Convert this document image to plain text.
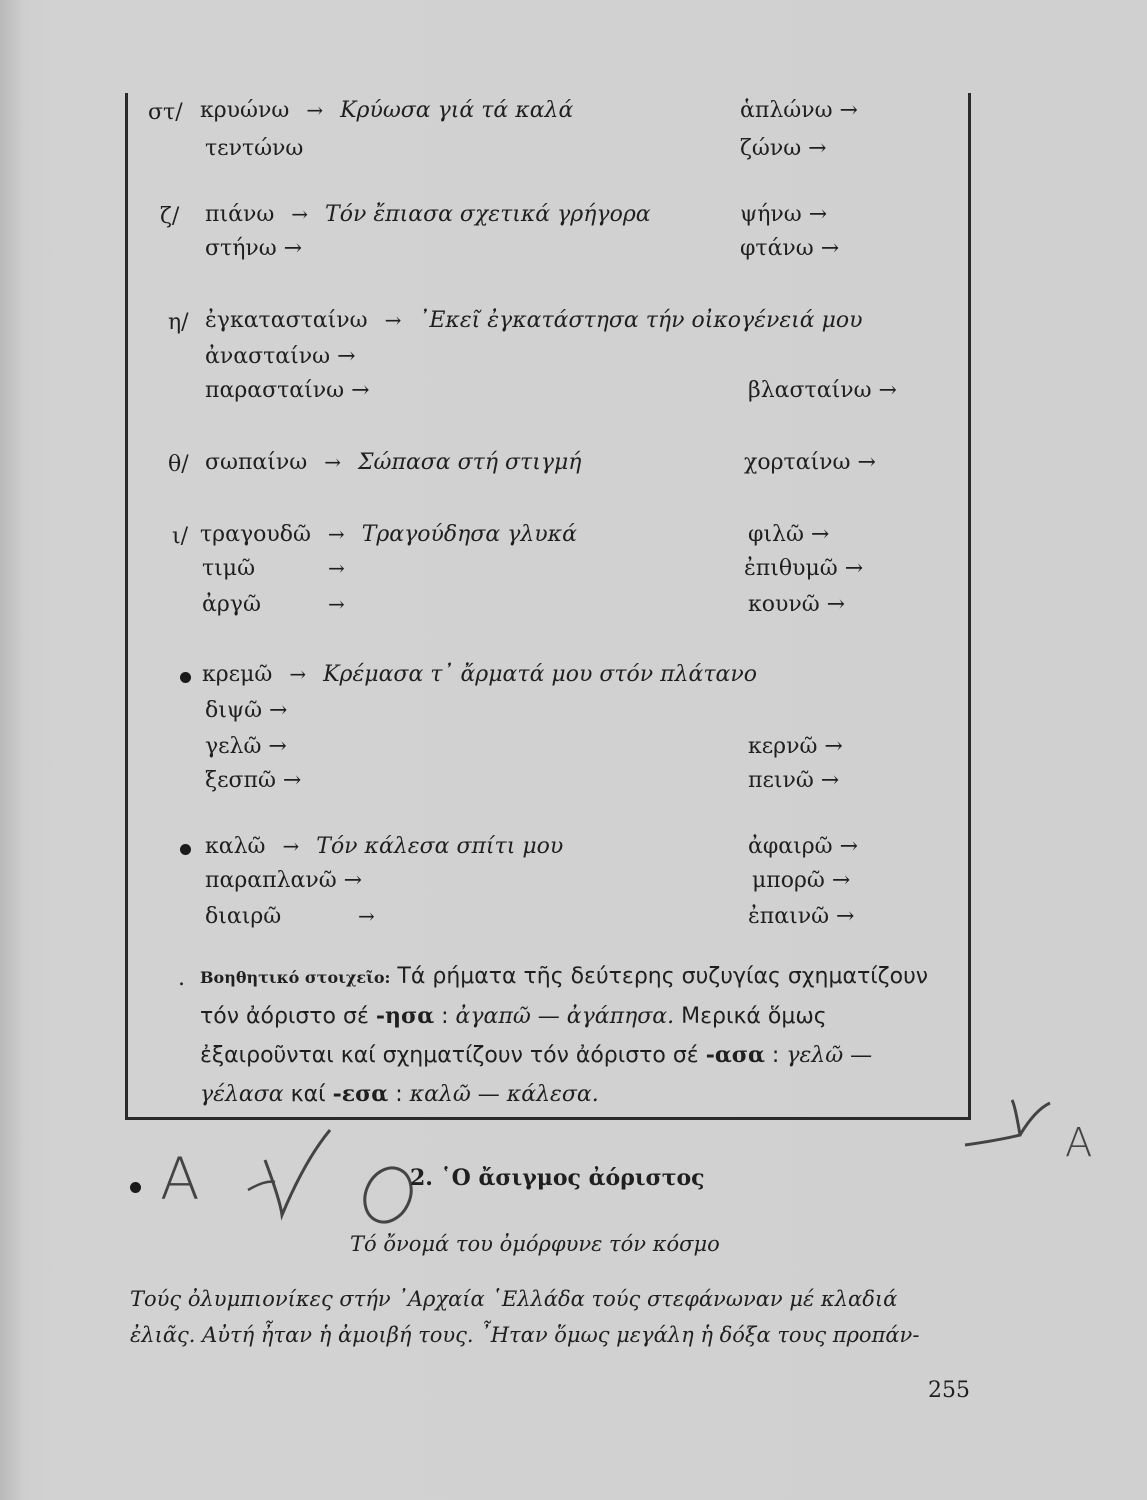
στ/ κρυώνω → Κρύωσα γιά τά καλά	ἁπλώνω →
τεντώνω	ζώνω →
ζ/ πιάνω → Τόν ἔπιασα σχετικά γρήγορα	ψήνω →
στήνω →	φτάνω →
η/ ἐγκατασταίνω → ᾿Εκεῖ ἐγκατάστησα τήν οἰκογένειά μου
ἀνασταίνω →
παρασταίνω →	βλασταίνω →
θ/ σωπαίνω → Σώπασα στή στιγμή	χορταίνω →
ι/ τραγουδῶ → Τραγούδησα γλυκά	φιλῶ →
τιμῶ	→	ἐπιθυμῶ →
ἀργῶ	→	κουνῶ →
κρεμῶ → Κρέμασα τ᾿ ἄρματά μου στόν πλάτανο
διψῶ →
γελῶ →	κερνῶ →
ξεσπῶ →	πεινῶ →
καλῶ → Τόν κάλεσα σπίτι μου	ἀφαιρῶ →
παραπλανῶ →	μπορῶ →
διαιρῶ	→	ἐπαινῶ →
. Βοηθητικό στοιχεῖο: Τά ρήματα τῆς δεύτερης συζυγίας σχηματίζουν τόν ἀόριστο σέ -ησα : ἀγαπῶ — ἀγάπησα. Μερικά ὅμως ἐξαιροῦνται καί σχηματίζουν τόν ἀόριστο σέ -ασα : γελῶ — γέλασα καί -εσα : καλῶ — κάλεσα.
A
A
2. ῾Ο ἄσιγμος ἀόριστος
Τό ὄνομά του ὀμόρφυνε τόν κόσμο
Τούς ὀλυμπιονίκες στήν ᾿Αρχαία ῾Ελλάδα τούς στεφάνωναν μέ κλαδιά
ἐλιᾶς. Αὐτή ἦταν ἡ ἀμοιβή τους. ῏Ηταν ὅμως μεγάλη ἡ δόξα τους προπάν-
255
